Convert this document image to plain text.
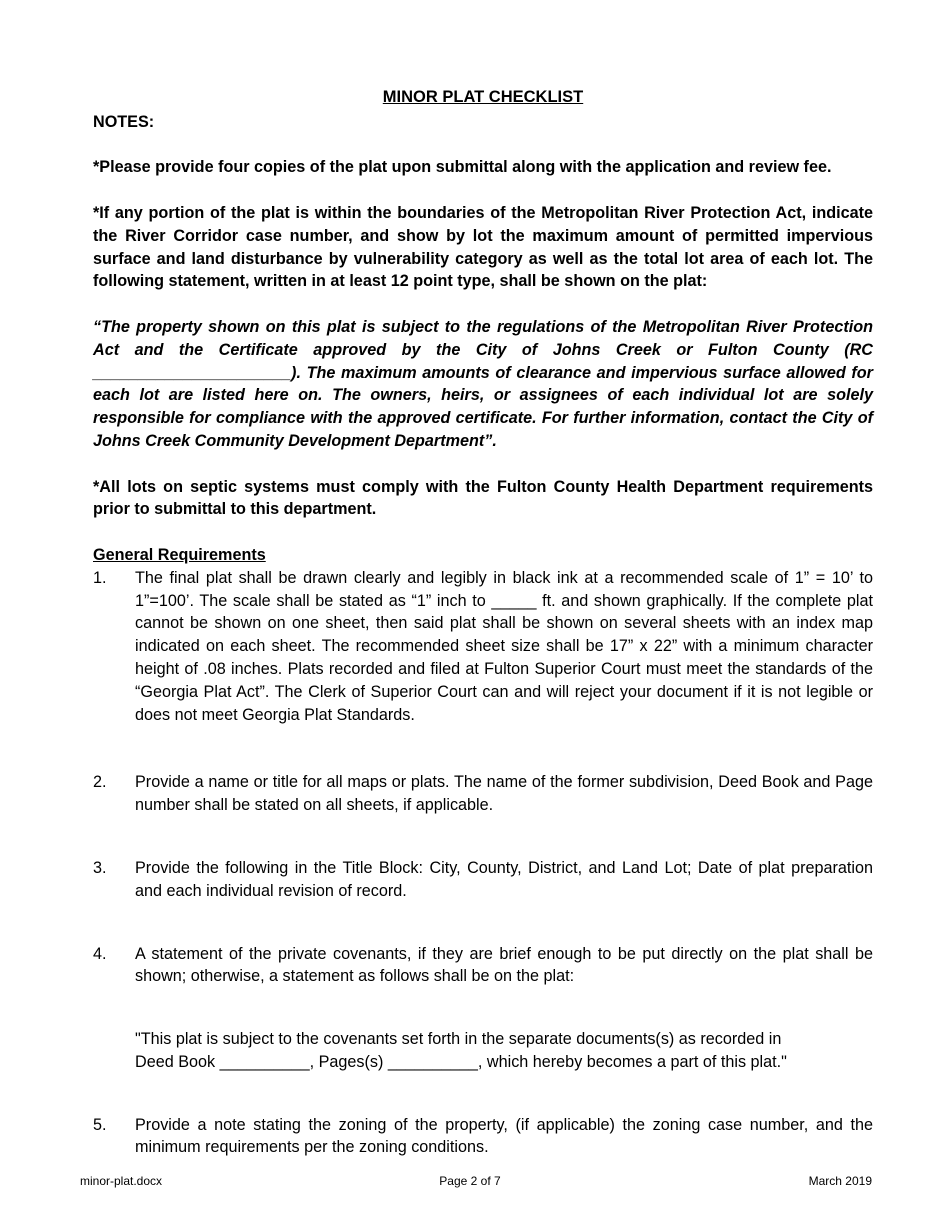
MINOR PLAT CHECKLIST
NOTES:

*Please provide four copies of the plat upon submittal along with the application and review fee.

*If any portion of the plat is within the boundaries of the Metropolitan River Protection Act, indicate the River Corridor case number, and show by lot the maximum amount of permitted impervious surface and land disturbance by vulnerability category as well as the total lot area of each lot. The following statement, written in at least 12 point type, shall be shown on the plat:

“The property shown on this plat is subject to the regulations of the Metropolitan River Protection Act and the Certificate approved by the City of Johns Creek or Fulton County (RC ______________________). The maximum amounts of clearance and impervious surface allowed for each lot are listed here on. The owners, heirs, or assignees of each individual lot are solely responsible for compliance with the approved certificate. For further information, contact the City of Johns Creek Community Development Department”.

*All lots on septic systems must comply with the Fulton County Health Department requirements prior to submittal to this department.

General Requirements
1.	The final plat shall be drawn clearly and legibly in black ink at a recommended scale of 1” = 10’ to 1”=100’. The scale shall be stated as “1” inch to _____ ft. and shown graphically. If the complete plat cannot be shown on one sheet, then said plat shall be shown on several sheets with an index map indicated on each sheet. The recommended sheet size shall be 17” x 22” with a minimum character height of .08 inches. Plats recorded and filed at Fulton Superior Court must meet the standards of the “Georgia Plat Act”. The Clerk of Superior Court can and will reject your document if it is not legible or does not meet Georgia Plat Standards.
2.	Provide a name or title for all maps or plats. The name of the former subdivision, Deed Book and Page number shall be stated on all sheets, if applicable.
3.	Provide the following in the Title Block: City, County, District, and Land Lot; Date of plat preparation and each individual revision of record.
4.	A statement of the private covenants, if they are brief enough to be put directly on the plat shall be shown; otherwise, a statement as follows shall be on the plat:
"This plat is subject to the covenants set forth in the separate documents(s) as recorded in
Deed Book __________, Pages(s) __________, which hereby becomes a part of this plat."
5.	Provide a note stating the zoning of the property, (if applicable) the zoning case number, and the minimum requirements per the zoning conditions.
minor-plat.docx	Page 2 of 7	March 2019
